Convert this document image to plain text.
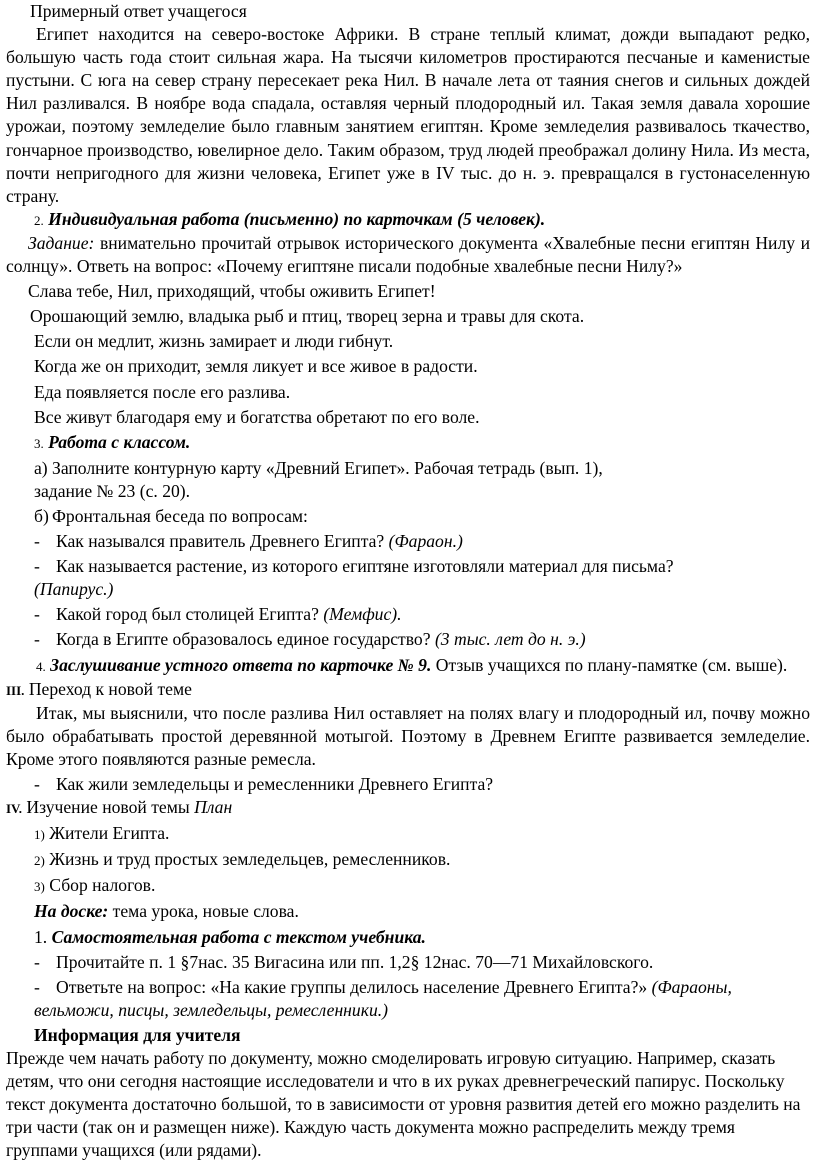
Примерный ответ учащегося

Египет находится на северо-востоке Африки. В стране теплый климат, дожди выпадают редко, большую часть года стоит сильная жара. На тысячи километров простираются песчаные и каменистые пустыни. С юга на север страну пересекает река Нил. В начале лета от таяния снегов и сильных дождей Нил разливался. В ноябре вода спадала, оставляя черный плодородный ил. Такая земля давала хорошие урожаи, поэтому земледелие было главным занятием египтян. Кроме земледелия развивалось ткачество, гончарное производство, ювелирное дело. Таким образом, труд людей преображал долину Нила. Из места, почти непригодного для жизни человека, Египет уже в IV тыс. до н. э. превращался в густонаселенную страну.

2. Индивидуальная работа (письменно) по карточкам (5 человек).

Задание: внимательно прочитай отрывок исторического документа «Хвалебные песни египтян Нилу и солнцу». Ответь на вопрос: «Почему египтяне писали подобные хвалебные песни Нилу?»

Слава тебе, Нил, приходящий, чтобы оживить Египет!

Орошающий землю, владыка рыб и птиц, творец зерна и травы для скота.

Если он медлит, жизнь замирает и люди гибнут.

Когда же он приходит, земля ликует и все живое в радости.

Еда появляется после его разлива.

Все живут благодаря ему и богатства обретают по его воле.

3. Работа с классом.

а) Заполните контурную карту «Древний Египет». Рабочая тетрадь (вып. 1),

задание № 23 (с. 20).

б) Фронтальная беседа по вопросам:

- Как назывался правитель Древнего Египта? (Фараон.)

- Как называется растение, из которого египтяне изготовляли материал для письма?

(Папирус.)

- Какой город был столицей Египта? (Мемфис).

- Когда в Египте образовалось единое государство? (3 тыс. лет до н. э.)

4. Заслушивание устного ответа по карточке № 9. Отзыв учащихся по плану-памятке (см. выше).

III. Переход к новой теме

Итак, мы выяснили, что после разлива Нил оставляет на полях влагу и плодородный ил, почву можно было обрабатывать простой деревянной мотыгой. Поэтому в Древнем Египте развивается земледелие. Кроме этого появляются разные ремесла.

- Как жили земледельцы и ремесленники Древнего Египта?

IV. Изучение новой темы План

1) Жители Египта.

2) Жизнь и труд простых земледельцев, ремесленников.

3) Сбор налогов.

На доске: тема урока, новые слова.

1. Самостоятельная работа с текстом учебника.

- Прочитайте п. 1 §7нас. 35 Вигасина или пп. 1,2§ 12нас. 70—71 Михайловского.

- Ответьте на вопрос: «На какие группы делилось население Древнего Египта?» (Фараоны, вельможи, писцы, земледельцы, ремесленники.)

Информация для учителя

Прежде чем начать работу по документу, можно смоделировать игровую ситуацию. Например, сказать детям, что они сегодня настоящие исследователи и что в их руках древнегреческий папирус. Поскольку текст документа достаточно большой, то в зависимости от уровня развития детей его можно разделить на три части (так он и размещен ниже). Каждую часть документа можно распределить между тремя группами учащихся (или рядами).
